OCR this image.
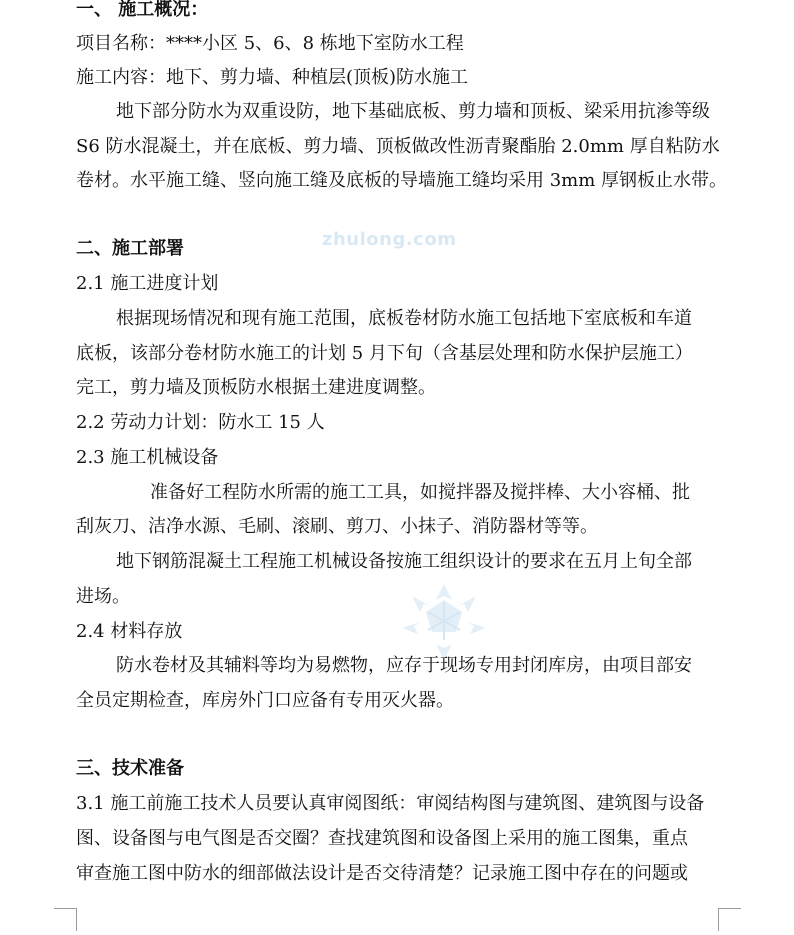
zhulong.com
一、 施工概况：
项目名称：****小区 5、6、8 栋地下室防水工程
施工内容：地下、剪力墙、种植层(顶板)防水施工
地下部分防水为双重设防，地下基础底板、剪力墙和顶板、梁采用抗渗等级
S6 防水混凝土，并在底板、剪力墙、顶板做改性沥青聚酯胎 2.0mm 厚自粘防水
卷材。水平施工缝、竖向施工缝及底板的导墙施工缝均采用 3mm 厚钢板止水带。
二、施工部署
2.1 施工进度计划
根据现场情况和现有施工范围，底板卷材防水施工包括地下室底板和车道
底板，该部分卷材防水施工的计划 5 月下旬（含基层处理和防水保护层施工）
完工，剪力墙及顶板防水根据土建进度调整。
2.2 劳动力计划：防水工 15 人
2.3 施工机械设备
准备好工程防水所需的施工工具，如搅拌器及搅拌棒、大小容桶、批
刮灰刀、洁净水源、毛刷、滚刷、剪刀、小抹子、消防器材等等。
地下钢筋混凝土工程施工机械设备按施工组织设计的要求在五月上旬全部
进场。
2.4 材料存放
防水卷材及其辅料等均为易燃物，应存于现场专用封闭库房，由项目部安
全员定期检查，库房外门口应备有专用灭火器。
三、技术准备
3.1 施工前施工技术人员要认真审阅图纸：审阅结构图与建筑图、建筑图与设备
图、设备图与电气图是否交圈？查找建筑图和设备图上采用的施工图集，重点
审查施工图中防水的细部做法设计是否交待清楚？记录施工图中存在的问题或
